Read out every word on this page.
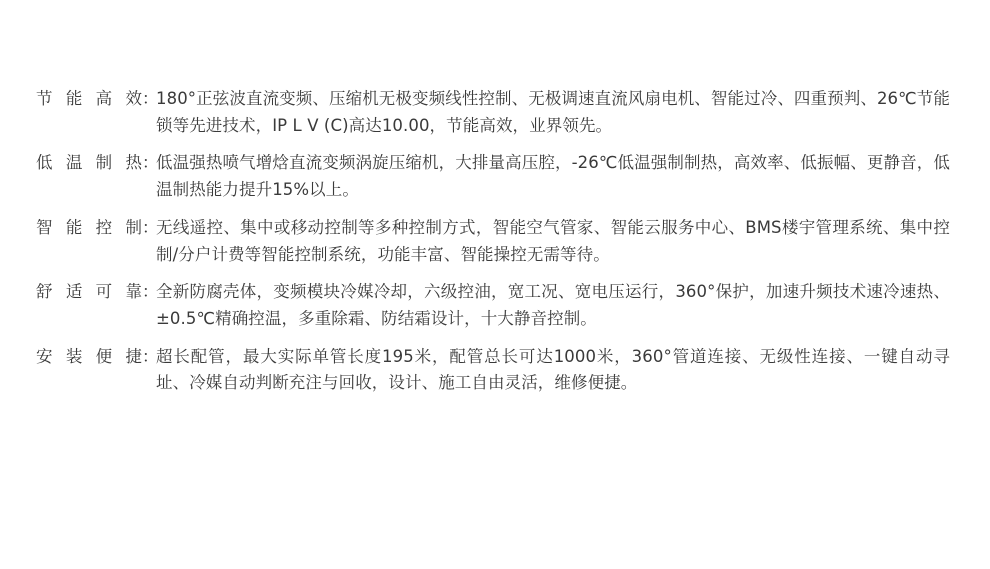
节能高效 ：
180°正弦波直流变频、压缩机无极变频线性控制、无极调速直流风扇电机、智能过冷、四重预判、26℃节能锁等先进技术，IP L V (C)高达10.00，节能高效，业界领先。
低温制热 ：
低温强热喷气增焓直流变频涡旋压缩机，大排量高压腔，-26℃低温强制制热，高效率、低振幅、更静音，低温制热能力提升15%以上。
智能控制 ：
无线遥控、集中或移动控制等多种控制方式，智能空气管家、智能云服务中心、BMS楼宇管理系统、集中控制/分户计费等智能控制系统，功能丰富、智能操控无需等待。
舒适可靠 ：
全新防腐壳体，变频模块冷媒冷却，六级控油，宽工况、宽电压运行，360°保护，加速升频技术速冷速热、±0.5℃精确控温，多重除霜、防结霜设计，十大静音控制。
安装便捷 ：
超长配管，最大实际单管长度195米，配管总长可达1000米，360°管道连接、无级性连接、一键自动寻址、冷媒自动判断充注与回收，设计、施工自由灵活，维修便捷。
